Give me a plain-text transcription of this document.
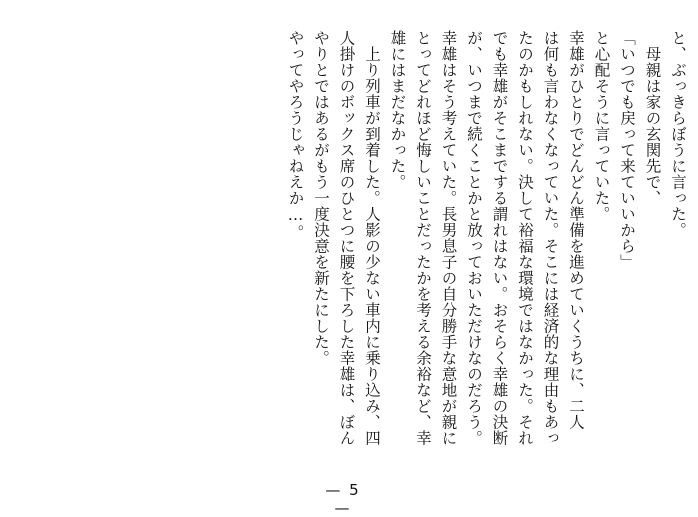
と、ぶっきらぼうに言った。
　母親は家の玄関先で、
「いつでも戻って来ていいから」
と心配そうに言っていた。
幸雄がひとりでどんどん準備を進めていくうちに、二人
は何も言わなくなっていた。そこには経済的な理由もあっ
たのかもしれない。決して裕福な環境ではなかった。それ
でも幸雄がそこまでする謂れはない。おそらく幸雄の決断
が、いつまで続くことかと放っておいただけなのだろう。
幸雄はそう考えていた。長男息子の自分勝手な意地が親に
とってどれほど悔しいことだったかを考える余裕など、幸
雄にはまだなかった。
　上り列車が到着した。人影の少ない車内に乗り込み、四
人掛けのボックス席のひとつに腰を下ろした幸雄は、ぼん
やりとではあるがもう一度決意を新たにした。
やってやろうじゃねえか…。
— 5 —
